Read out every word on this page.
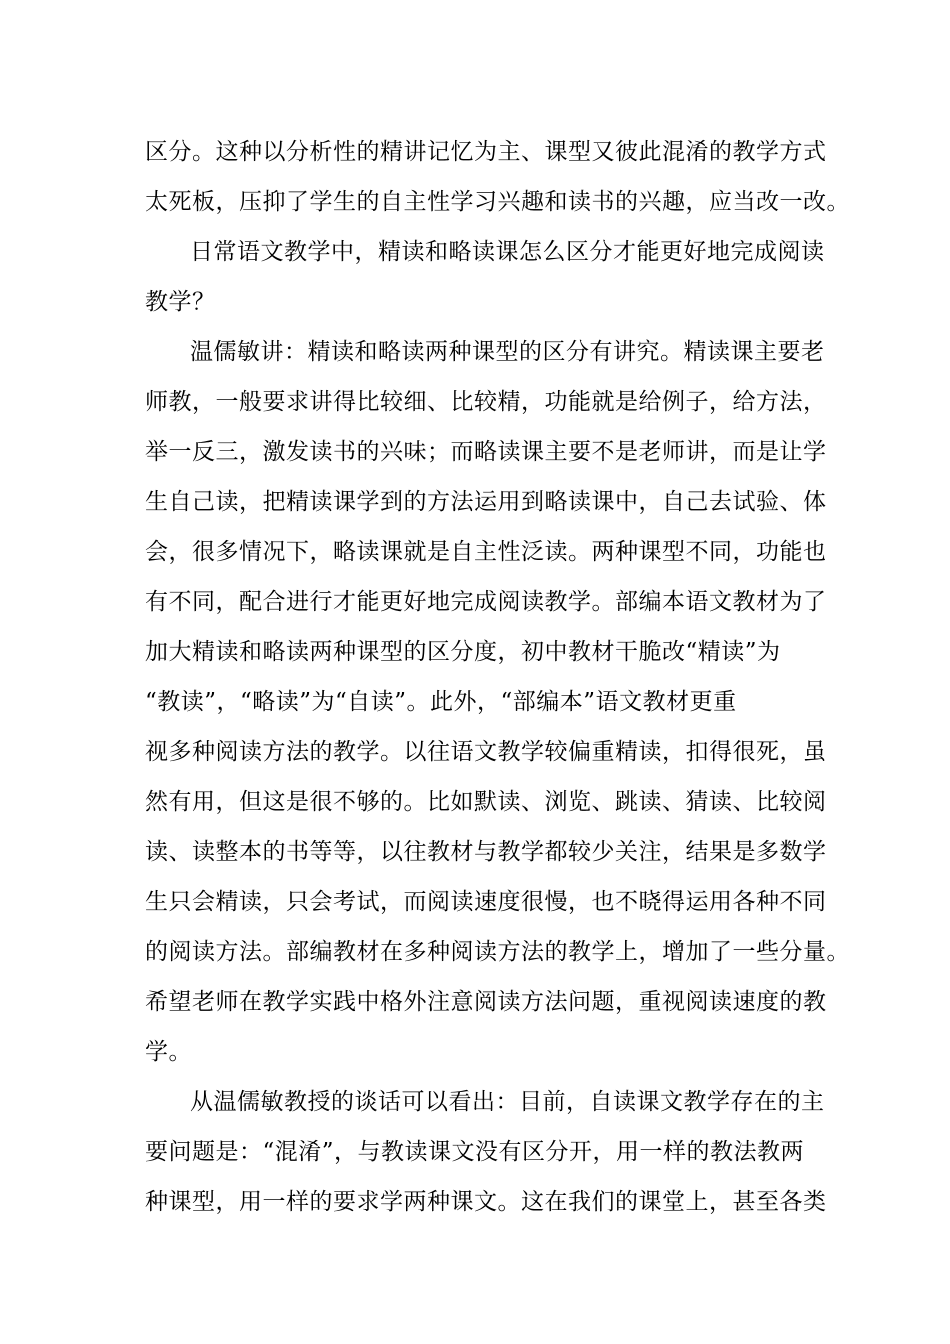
区分。这种以分析性的精讲记忆为主、课型又彼此混淆的教学方式
太死板，压抑了学生的自主性学习兴趣和读书的兴趣，应当改一改。
日常语文教学中，精读和略读课怎么区分才能更好地完成阅读
教学？
温儒敏讲：精读和略读两种课型的区分有讲究。精读课主要老
师教，一般要求讲得比较细、比较精，功能就是给例子，给方法，
举一反三，激发读书的兴味；而略读课主要不是老师讲，而是让学
生自己读，把精读课学到的方法运用到略读课中，自己去试验、体
会，很多情况下，略读课就是自主性泛读。两种课型不同，功能也
有不同，配合进行才能更好地完成阅读教学。部编本语文教材为了
加大精读和略读两种课型的区分度，初中教材干脆改“精读”为
“教读”，“略读”为“自读”。此外，“部编本”语文教材更重
视多种阅读方法的教学。以往语文教学较偏重精读，扣得很死，虽
然有用，但这是很不够的。比如默读、浏览、跳读、猜读、比较阅
读、读整本的书等等，以往教材与教学都较少关注，结果是多数学
生只会精读，只会考试，而阅读速度很慢，也不晓得运用各种不同
的阅读方法。部编教材在多种阅读方法的教学上，增加了一些分量。
希望老师在教学实践中格外注意阅读方法问题，重视阅读速度的教
学。
从温儒敏教授的谈话可以看出：目前，自读课文教学存在的主
要问题是：“混淆”，与教读课文没有区分开，用一样的教法教两
种课型，用一样的要求学两种课文。这在我们的课堂上，甚至各类
